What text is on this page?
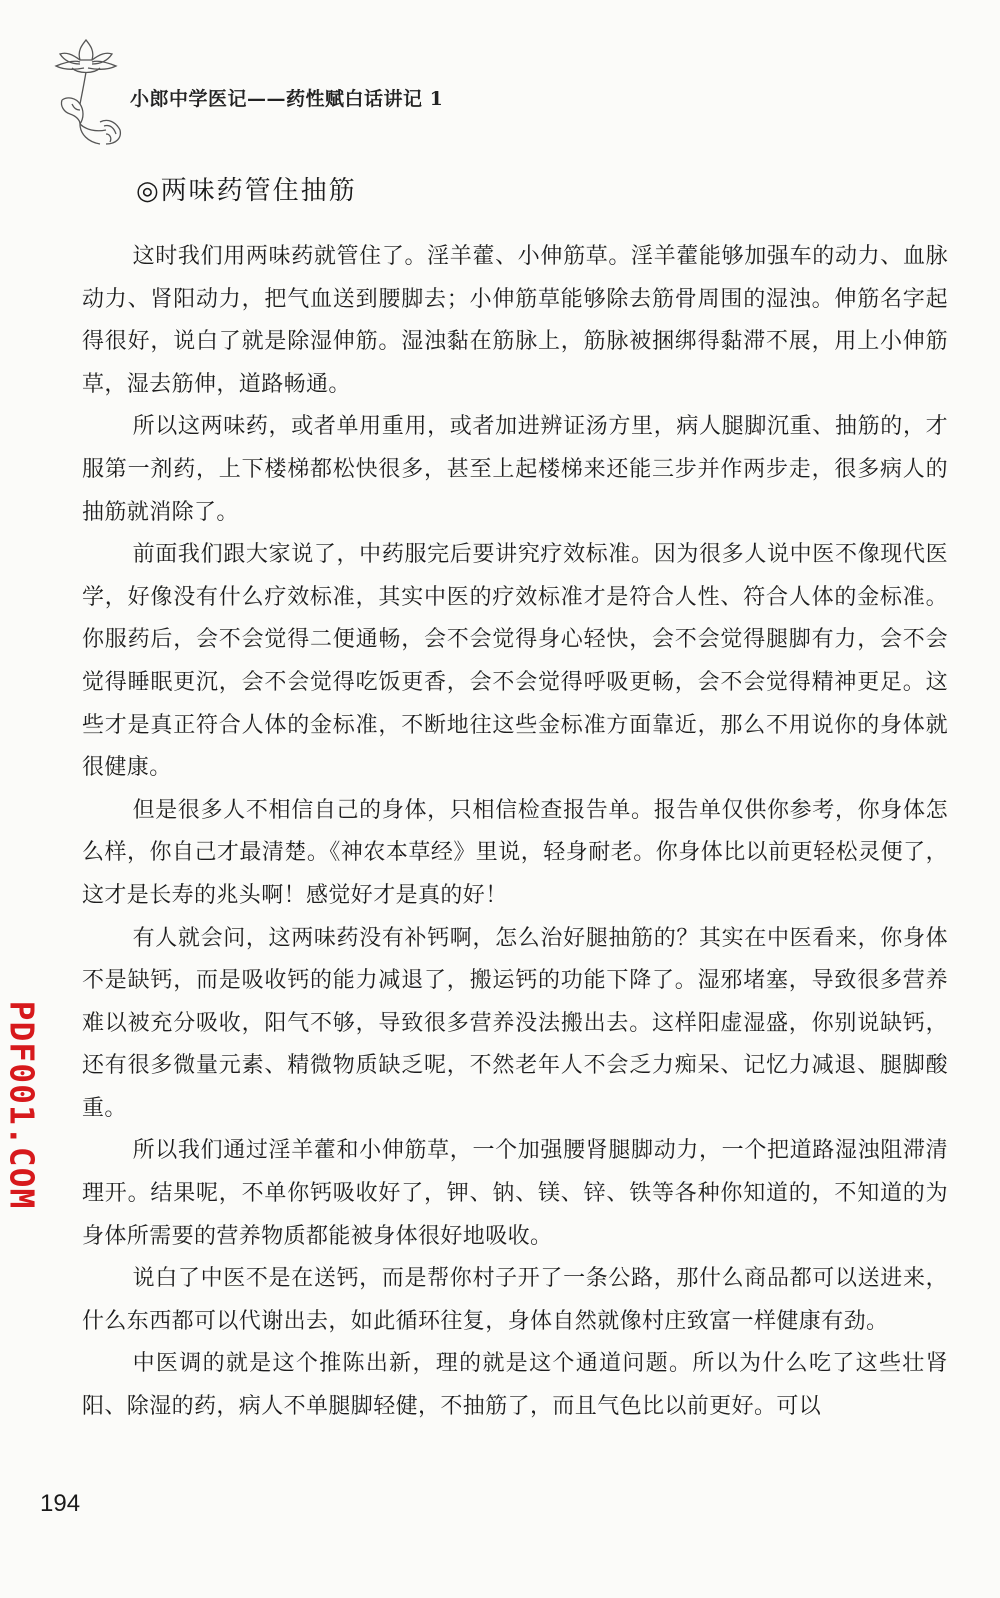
小郎中学医记——药性赋白话讲记 1
◎两味药管住抽筋

这时我们用两味药就管住了。淫羊藿、小伸筋草。淫羊藿能够加强车的动力、血脉动力、肾阳动力，把气血送到腰脚去；小伸筋草能够除去筋骨周围的湿浊。伸筋名字起得很好，说白了就是除湿伸筋。湿浊黏在筋脉上，筋脉被捆绑得黏滞不展，用上小伸筋草，湿去筋伸，道路畅通。

所以这两味药，或者单用重用，或者加进辨证汤方里，病人腿脚沉重、抽筋的，才服第一剂药，上下楼梯都松快很多，甚至上起楼梯来还能三步并作两步走，很多病人的抽筋就消除了。

前面我们跟大家说了，中药服完后要讲究疗效标准。因为很多人说中医不像现代医学，好像没有什么疗效标准，其实中医的疗效标准才是符合人性、符合人体的金标准。你服药后，会不会觉得二便通畅，会不会觉得身心轻快，会不会觉得腿脚有力，会不会觉得睡眠更沉，会不会觉得吃饭更香，会不会觉得呼吸更畅，会不会觉得精神更足。这些才是真正符合人体的金标准，不断地往这些金标准方面靠近，那么不用说你的身体就很健康。

但是很多人不相信自己的身体，只相信检查报告单。报告单仅供你参考，你身体怎么样，你自己才最清楚。《神农本草经》里说，轻身耐老。你身体比以前更轻松灵便了，这才是长寿的兆头啊！感觉好才是真的好！

有人就会问，这两味药没有补钙啊，怎么治好腿抽筋的？其实在中医看来，你身体不是缺钙，而是吸收钙的能力减退了，搬运钙的功能下降了。湿邪堵塞，导致很多营养难以被充分吸收，阳气不够，导致很多营养没法搬出去。这样阳虚湿盛，你别说缺钙，还有很多微量元素、精微物质缺乏呢，不然老年人不会乏力痴呆、记忆力减退、腿脚酸重。

所以我们通过淫羊藿和小伸筋草，一个加强腰肾腿脚动力，一个把道路湿浊阻滞清理开。结果呢，不单你钙吸收好了，钾、钠、镁、锌、铁等各种你知道的，不知道的为身体所需要的营养物质都能被身体很好地吸收。

说白了中医不是在送钙，而是帮你村子开了一条公路，那什么商品都可以送进来，什么东西都可以代谢出去，如此循环往复，身体自然就像村庄致富一样健康有劲。

中医调的就是这个推陈出新，理的就是这个通道问题。所以为什么吃了这些壮肾阳、除湿的药，病人不单腿脚轻健，不抽筋了，而且气色比以前更好。可以

PDF001.COM
194
